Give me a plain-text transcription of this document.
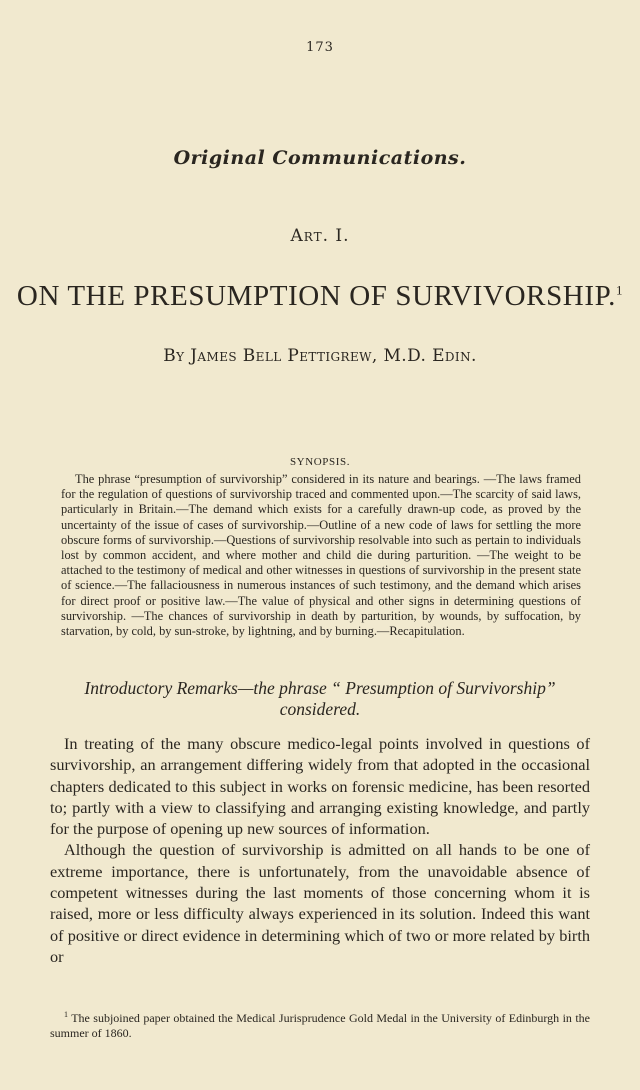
173
Original Communications.
Art. I.
ON THE PRESUMPTION OF SURVIVORSHIP.$^1$
By James Bell Pettigrew, M.D. Edin.
SYNOPSIS.
The phrase “presumption of survivorship” considered in its nature and bearings. —The laws framed for the regulation of questions of survivorship traced and commented upon.—The scarcity of said laws, particularly in Britain.—The demand which exists for a carefully drawn-up code, as proved by the uncertainty of the issue of cases of survivorship.—Outline of a new code of laws for settling the more obscure forms of survivorship.—Questions of survivorship resolvable into such as pertain to individuals lost by common accident, and where mother and child die during parturition. —The weight to be attached to the testimony of medical and other witnesses in questions of survivorship in the present state of science.—The fallaciousness in numerous instances of such testimony, and the demand which arises for direct proof or positive law.—The value of physical and other signs in determining questions of survivorship. —The chances of survivorship in death by parturition, by wounds, by suffocation, by starvation, by cold, by sun-stroke, by lightning, and by burning.—Recapitulation.
Introductory Remarks—the phrase “ Presumption of Survivorship” considered.

In treating of the many obscure medico-legal points involved in questions of survivorship, an arrangement differing widely from that adopted in the occasional chapters dedicated to this subject in works on forensic medicine, has been resorted to; partly with a view to classifying and arranging existing knowledge, and partly for the purpose of opening up new sources of information.

Although the question of survivorship is admitted on all hands to be one of extreme importance, there is unfortunately, from the unavoidable absence of competent witnesses during the last moments of those concerning whom it is raised, more or less difficulty always experienced in its solution. Indeed this want of positive or direct evidence in determining which of two or more related by birth or

$^1$ The subjoined paper obtained the Medical Jurisprudence Gold Medal in the University of Edinburgh in the summer of 1860.
